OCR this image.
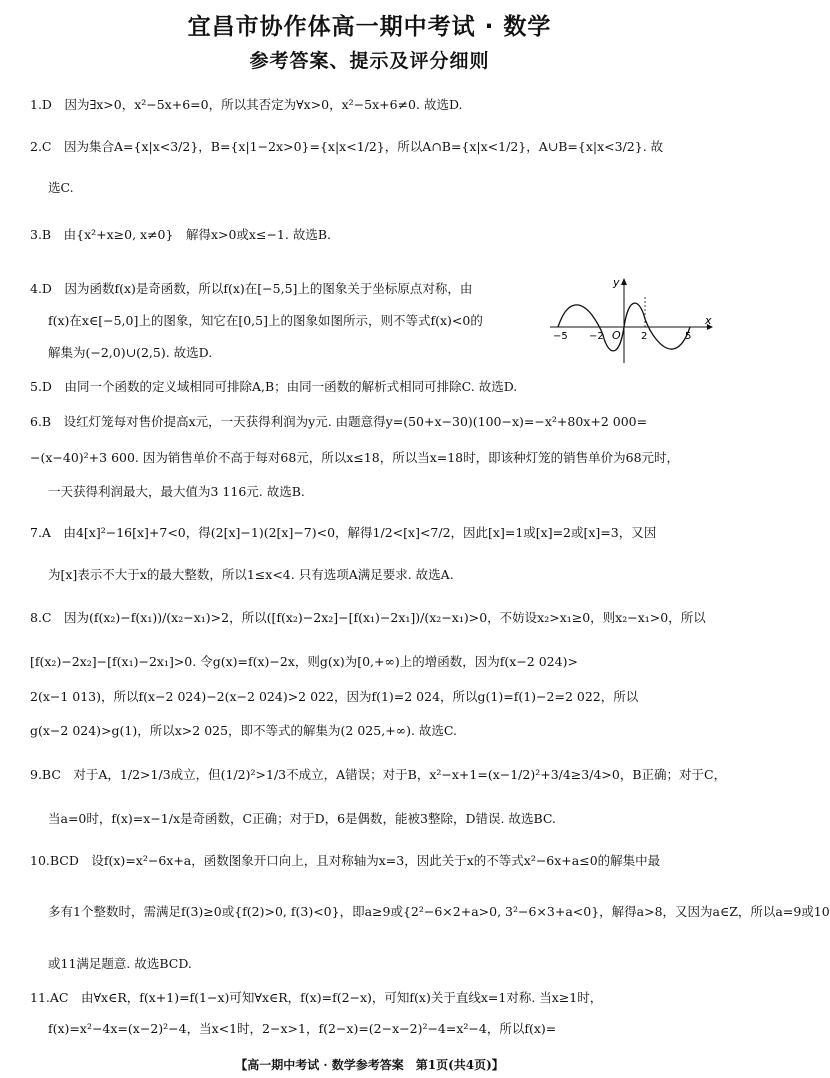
宜昌市协作体高一期中考试 · 数学
参考答案、提示及评分细则
1.D　因为∃x>0，x²−5x+6=0，所以其否定为∀x>0，x²−5x+6≠0. 故选D.
2.C　因为集合A={x|x<3/2}，B={x|1−2x>0}={x|x<1/2}，所以A∩B={x|x<1/2}，A∪B={x|x<3/2}. 故
选C.
3.B　由{x²+x≥0, x≠0}　解得x>0或x≤−1. 故选B.
4.D　因为函数f(x)是奇函数，所以f(x)在[−5,5]上的图象关于坐标原点对称，由
f(x)在x∈[−5,0]上的图象，知它在[0,5]上的图象如图所示，则不等式f(x)<0的
解集为(−2,0)∪(2,5). 故选D.
5.D　由同一个函数的定义域相同可排除A,B；由同一函数的解析式相同可排除C. 故选D.
6.B　设红灯笼每对售价提高x元，一天获得利润为y元. 由题意得y=(50+x−30)(100−x)=−x²+80x+2 000=
−(x−40)²+3 600. 因为销售单价不高于每对68元，所以x≤18，所以当x=18时，即该种灯笼的销售单价为68元时，
一天获得利润最大，最大值为3 116元. 故选B.
7.A　由4[x]²−16[x]+7<0，得(2[x]−1)(2[x]−7)<0，解得1/2<[x]<7/2，因此[x]=1或[x]=2或[x]=3，又因
为[x]表示不大于x的最大整数，所以1≤x<4. 只有选项A满足要求. 故选A.
8.C　因为(f(x₂)−f(x₁))/(x₂−x₁)>2，所以([f(x₂)−2x₂]−[f(x₁)−2x₁])/(x₂−x₁)>0，不妨设x₂>x₁≥0，则x₂−x₁>0，所以
[f(x₂)−2x₂]−[f(x₁)−2x₁]>0. 令g(x)=f(x)−2x，则g(x)为[0,+∞)上的增函数，因为f(x−2 024)>
2(x−1 013)，所以f(x−2 024)−2(x−2 024)>2 022，因为f(1)=2 024，所以g(1)=f(1)−2=2 022，所以
g(x−2 024)>g(1)，所以x>2 025，即不等式的解集为(2 025,+∞). 故选C.
9.BC　对于A，1/2>1/3成立，但(1/2)²>1/3不成立，A错误；对于B，x²−x+1=(x−1/2)²+3/4≥3/4>0，B正确；对于C，
当a=0时，f(x)=x−1/x是奇函数，C正确；对于D，6是偶数，能被3整除，D错误. 故选BC.
10.BCD　设f(x)=x²−6x+a，函数图象开口向上，且对称轴为x=3，因此关于x的不等式x²−6x+a≤0的解集中最
多有1个整数时，需满足f(3)≥0或{f(2)>0, f(3)<0}，即a≥9或{2²−6×2+a>0, 3²−6×3+a<0}，解得a>8，又因为a∈Z，所以a=9或10
或11满足题意. 故选BCD.
11.AC　由∀x∈R，f(x+1)=f(1−x)可知∀x∈R，f(x)=f(2−x)，可知f(x)关于直线x=1对称. 当x≥1时，
f(x)=x²−4x=(x−2)²−4，当x<1时，2−x>1，f(2−x)=(2−x−2)²−4=x²−4，所以f(x)=
x
y
O
−5 −2	2	5
【高一期中考试 · 数学参考答案　第1页(共4页)】
